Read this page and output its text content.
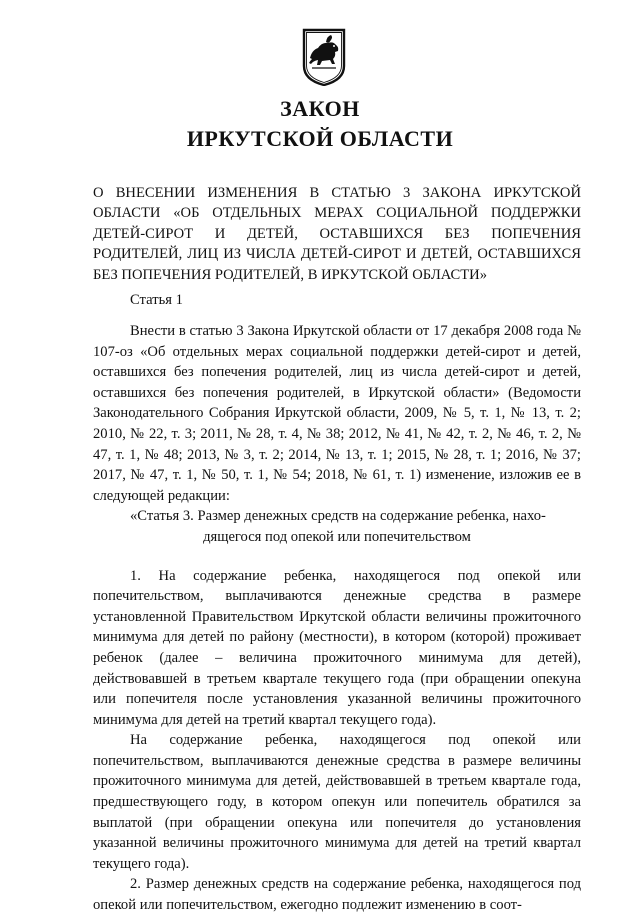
ЗАКОН
ИРКУТСКОЙ ОБЛАСТИ
О ВНЕСЕНИИ ИЗМЕНЕНИЯ В СТАТЬЮ 3 ЗАКОНА ИРКУТСКОЙ ОБЛАСТИ «ОБ ОТДЕЛЬНЫХ МЕРАХ СОЦИАЛЬНОЙ ПОДДЕРЖКИ ДЕТЕЙ-СИРОТ И ДЕТЕЙ, ОСТАВШИХСЯ БЕЗ ПОПЕЧЕНИЯ РОДИТЕЛЕЙ, ЛИЦ ИЗ ЧИСЛА ДЕТЕЙ-СИРОТ И ДЕТЕЙ, ОСТАВШИХСЯ БЕЗ ПОПЕЧЕНИЯ РОДИТЕЛЕЙ, В ИРКУТСКОЙ ОБЛАСТИ»
Статья 1

Внести в статью 3 Закона Иркутской области от 17 декабря 2008 года № 107-оз «Об отдельных мерах социальной поддержки детей-сирот и детей, оставшихся без попечения родителей, лиц из числа детей-сирот и детей, оставшихся без попечения родителей, в Иркутской области» (Ведомости Законодательного Собрания Иркутской области, 2009, № 5, т. 1, № 13, т. 2; 2010, № 22, т. 3; 2011, № 28, т. 4, № 38; 2012, № 41, № 42, т. 2, № 46, т. 2, № 47, т. 1, № 48; 2013, № 3, т. 2; 2014, № 13, т. 1; 2015, № 28, т. 1; 2016, № 37; 2017, № 47, т. 1, № 50, т. 1, № 54; 2018, № 61, т. 1) изменение, изложив ее в следующей редакции:

«Статья 3. Размер денежных средств на содержание ребенка, нахо-

дящегося под опекой или попечительством

1. На содержание ребенка, находящегося под опекой или попечительством, выплачиваются денежные средства в размере установленной Правительством Иркутской области величины прожиточного минимума для детей по району (местности), в котором (которой) проживает ребенок (далее – величина прожиточного минимума для детей), действовавшей в третьем квартале текущего года (при обращении опекуна или попечителя после установления указанной величины прожиточного минимума для детей на третий квартал текущего года).

На содержание ребенка, находящегося под опекой или попечительством, выплачиваются денежные средства в размере величины прожиточного минимума для детей, действовавшей в третьем квартале года, предшествующего году, в котором опекун или попечитель обратился за выплатой (при обращении опекуна или попечителя до установления указанной величины прожиточного минимума для детей на третий квартал текущего года).

2. Размер денежных средств на содержание ребенка, находящегося под опекой или попечительством, ежегодно подлежит изменению в соот-
